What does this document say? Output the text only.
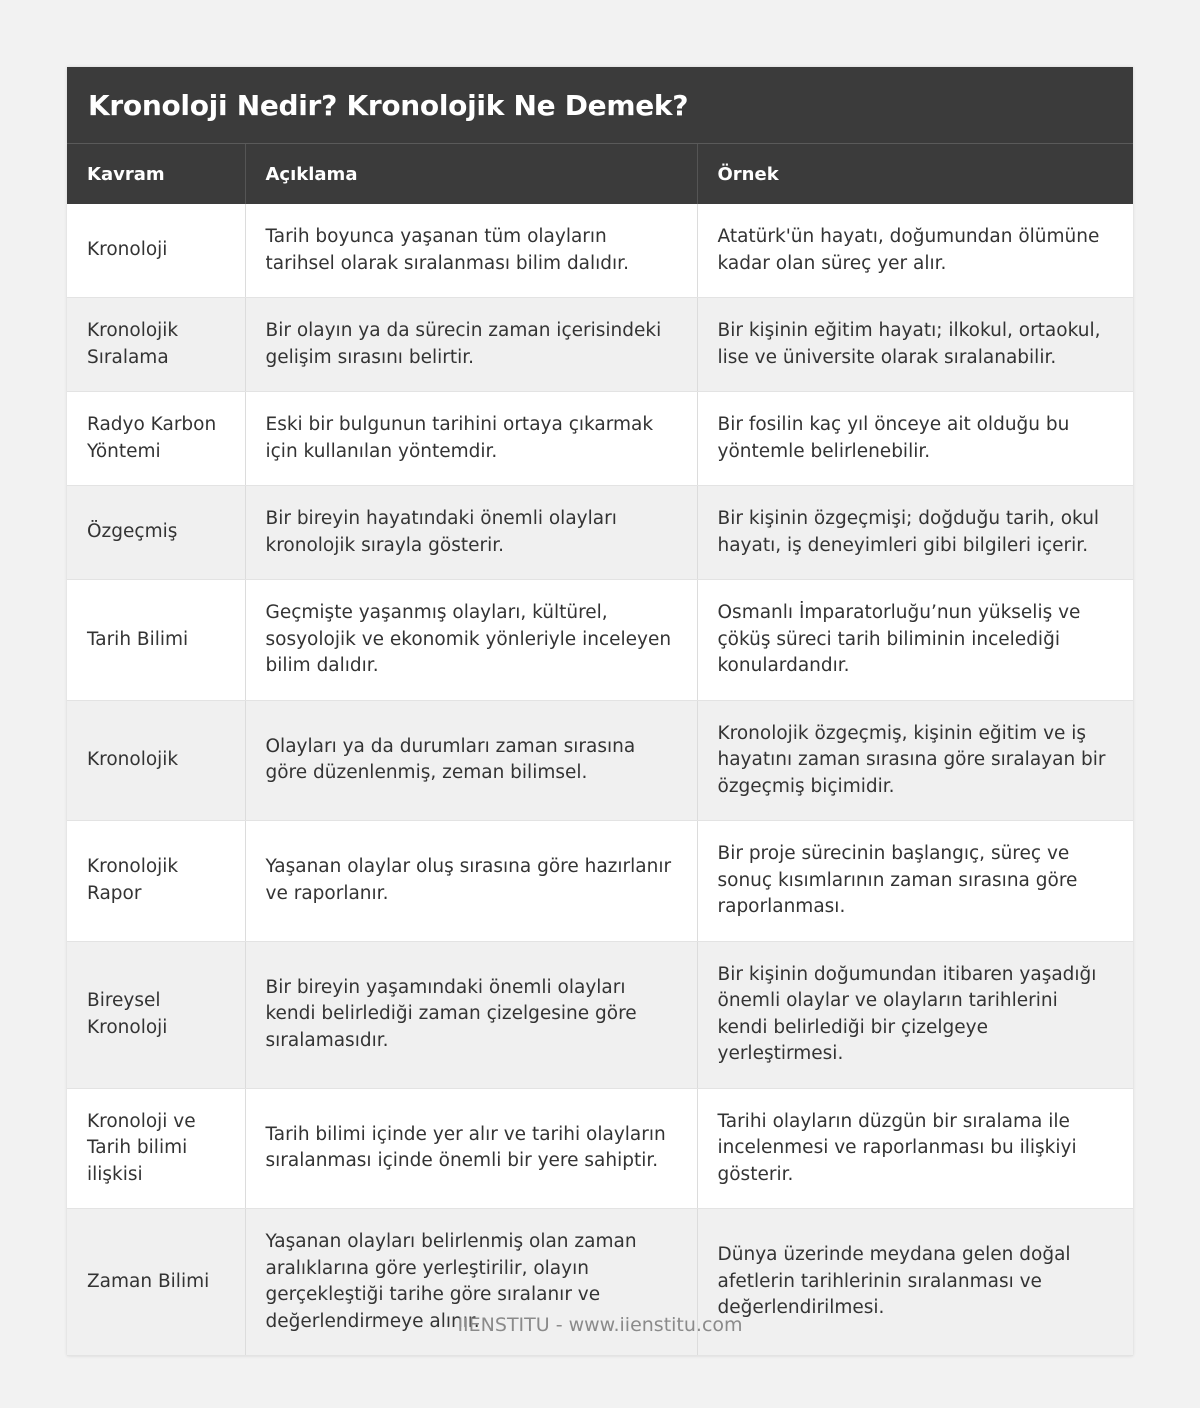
Kronoloji Nedir? Kronolojik Ne Demek?
Kavram	Açıklama	Örnek
Kronoloji	Tarih boyunca yaşanan tüm olayların tarihsel olarak sıralanması bilim dalıdır.	Atatürk'ün hayatı, doğumundan ölümüne kadar olan süreç yer alır.
Kronolojik Sıralama	Bir olayın ya da sürecin zaman içerisindeki gelişim sırasını belirtir.	Bir kişinin eğitim hayatı; ilkokul, ortaokul, lise ve üniversite olarak sıralanabilir.
Radyo Karbon Yöntemi	Eski bir bulgunun tarihini ortaya çıkarmak için kullanılan yöntemdir.	Bir fosilin kaç yıl önceye ait olduğu bu yöntemle belirlenebilir.
Özgeçmiş	Bir bireyin hayatındaki önemli olayları kronolojik sırayla gösterir.	Bir kişinin özgeçmişi; doğduğu tarih, okul hayatı, iş deneyimleri gibi bilgileri içerir.
Tarih Bilimi	Geçmişte yaşanmış olayları, kültürel, sosyolojik ve ekonomik yönleriyle inceleyen bilim dalıdır.	Osmanlı İmparatorluğu’nun yükseliş ve çöküş süreci tarih biliminin incelediği konulardandır.
Kronolojik	Olayları ya da durumları zaman sırasına göre düzenlenmiş, zeman bilimsel.	Kronolojik özgeçmiş, kişinin eğitim ve iş hayatını zaman sırasına göre sıralayan bir özgeçmiş biçimidir.
Kronolojik Rapor	Yaşanan olaylar oluş sırasına göre hazırlanır ve raporlanır.	Bir proje sürecinin başlangıç, süreç ve sonuç kısımlarının zaman sırasına göre raporlanması.
Bireysel Kronoloji	Bir bireyin yaşamındaki önemli olayları kendi belirlediği zaman çizelgesine göre sıralamasıdır.	Bir kişinin doğumundan itibaren yaşadığı önemli olaylar ve olayların tarihlerini kendi belirlediği bir çizelgeye yerleştirmesi.
Kronoloji ve Tarih bilimi ilişkisi	Tarih bilimi içinde yer alır ve tarihi olayların sıralanması içinde önemli bir yere sahiptir.	Tarihi olayların düzgün bir sıralama ile incelenmesi ve raporlanması bu ilişkiyi gösterir.
Zaman Bilimi	Yaşanan olayları belirlenmiş olan zaman aralıklarına göre yerleştirilir, olayın gerçekleştiği tarihe göre sıralanır ve değerlendirmeye alınır.	Dünya üzerinde meydana gelen doğal afetlerin tarihlerinin sıralanması ve değerlendirilmesi.
IIENSTITU - www.iienstitu.com
